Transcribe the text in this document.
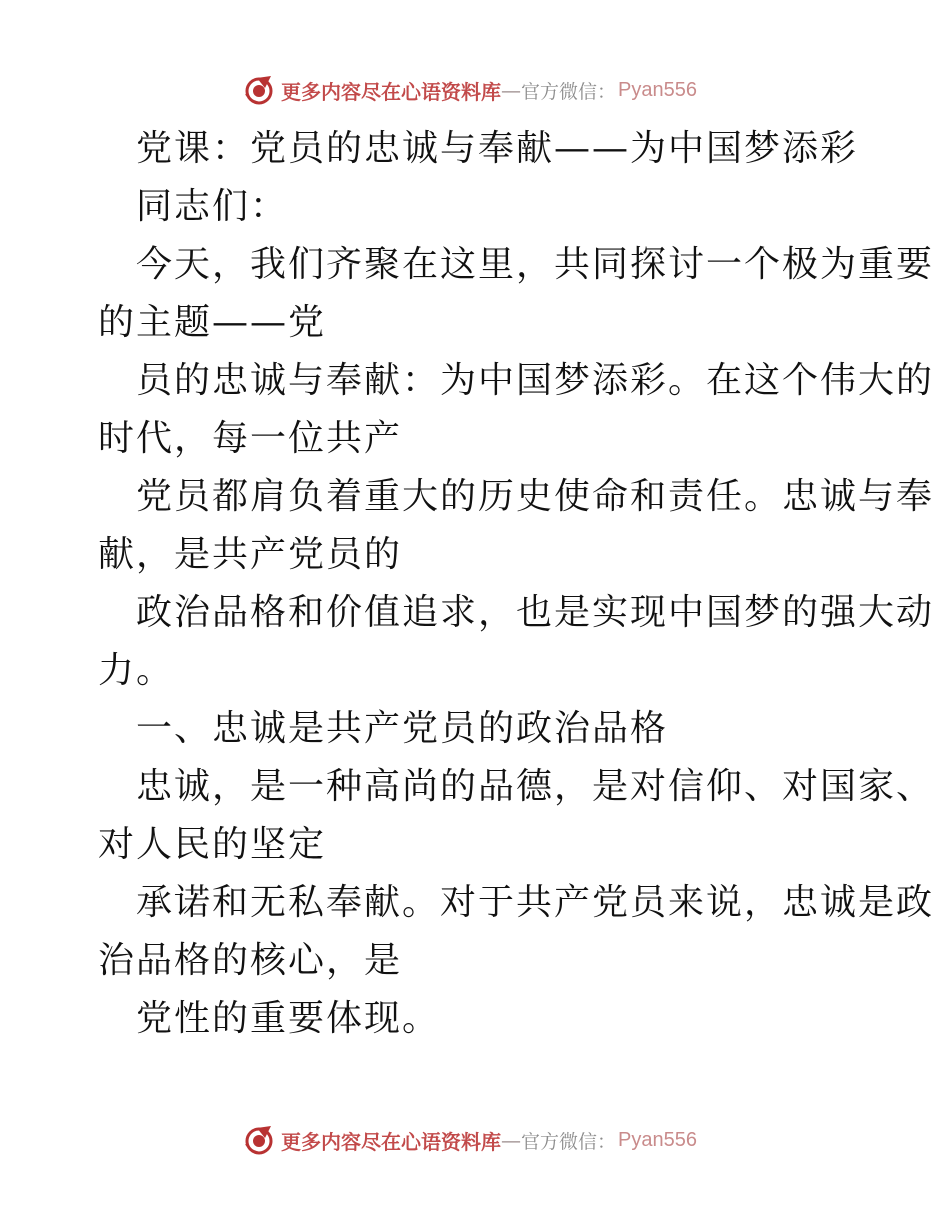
更多内容尽在心语资料库 — 官方微信： Pyan556
党课：党员的忠诚与奉献——为中国梦添彩
同志们：
今天，我们齐聚在这里，共同探讨一个极为重要
的主题——党
员的忠诚与奉献：为中国梦添彩。在这个伟大的
时代，每一位共产
党员都肩负着重大的历史使命和责任。忠诚与奉
献，是共产党员的
政治品格和价值追求，也是实现中国梦的强大动
力。
一、忠诚是共产党员的政治品格
忠诚，是一种高尚的品德，是对信仰、对国家、
对人民的坚定
承诺和无私奉献。对于共产党员来说，忠诚是政
治品格的核心，是
党性的重要体现。
更多内容尽在心语资料库 — 官方微信： Pyan556
